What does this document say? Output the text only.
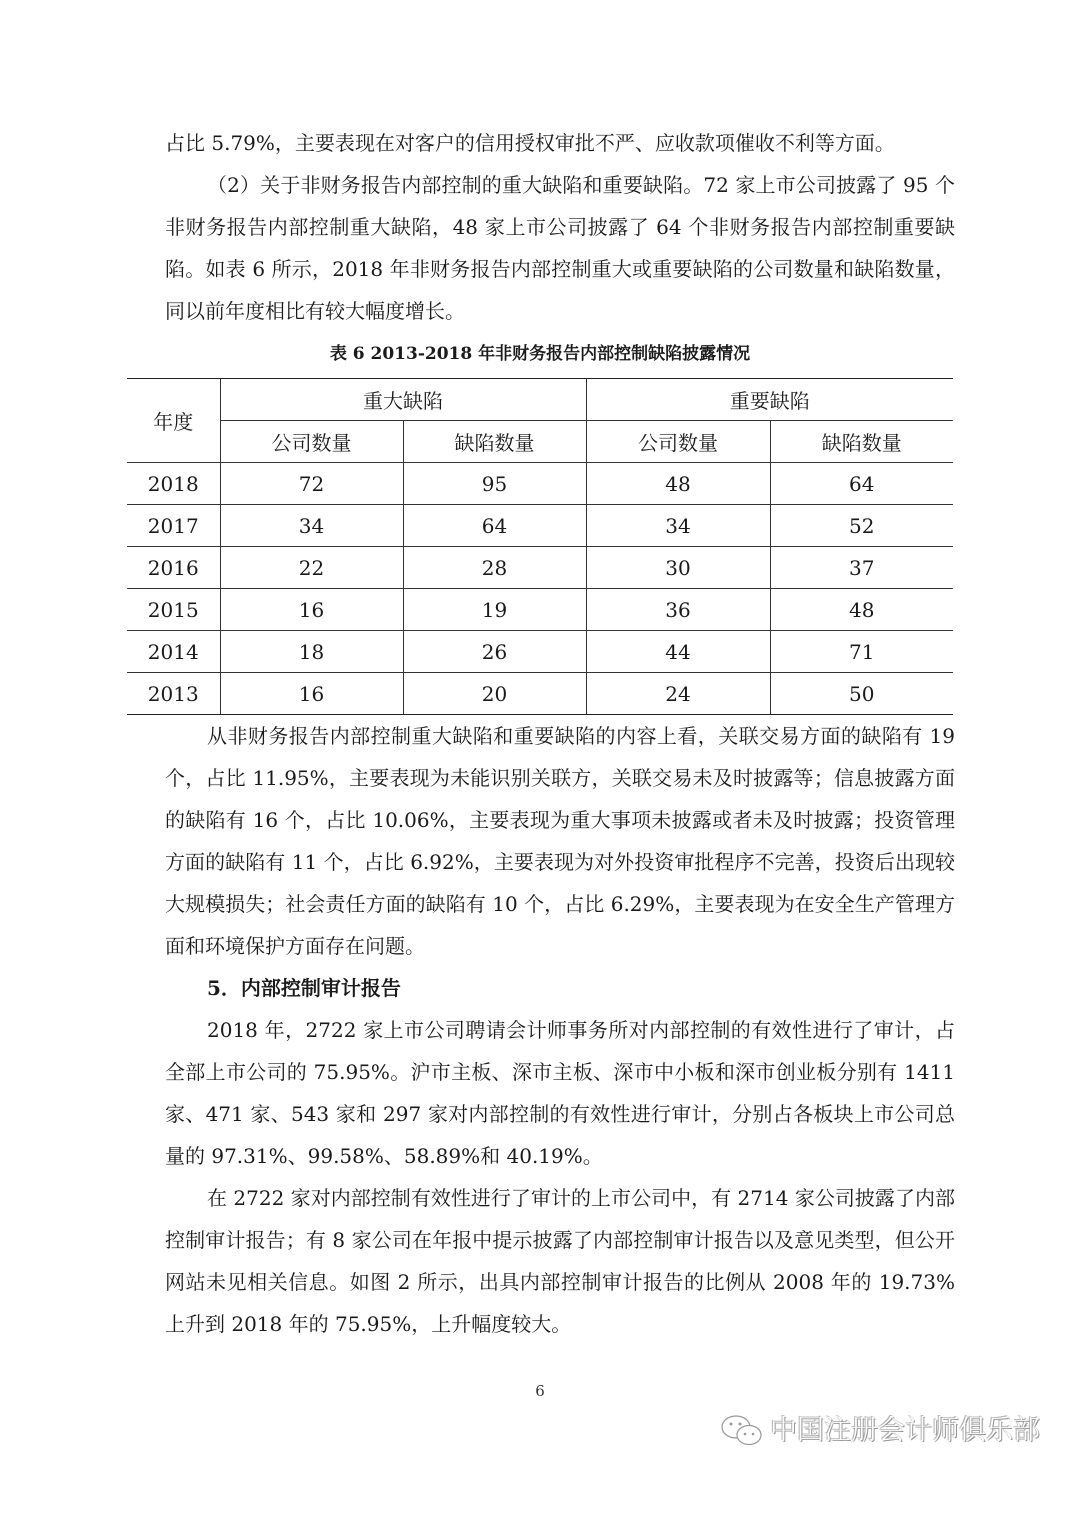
占比 5.79%，主要表现在对客户的信用授权审批不严、应收款项催收不利等方面。

（2）关于非财务报告内部控制的重大缺陷和重要缺陷。72 家上市公司披露了 95 个非财务报告内部控制重大缺陷，48 家上市公司披露了 64 个非财务报告内部控制重要缺陷。如表 6 所示，2018 年非财务报告内部控制重大或重要缺陷的公司数量和缺陷数量，同以前年度相比有较大幅度增长。

表 6 2013-2018 年非财务报告内部控制缺陷披露情况

年度	重大缺陷		重要缺陷	
	公司数量	缺陷数量	公司数量	缺陷数量
2018	72	95	48	64
2017	34	64	34	52
2016	22	28	30	37
2015	16	19	36	48
2014	18	26	44	71
2013	16	20	24	50

从非财务报告内部控制重大缺陷和重要缺陷的内容上看，关联交易方面的缺陷有 19 个，占比 11.95%，主要表现为未能识别关联方，关联交易未及时披露等；信息披露方面的缺陷有 16 个，占比 10.06%，主要表现为重大事项未披露或者未及时披露；投资管理方面的缺陷有 11 个，占比 6.92%，主要表现为对外投资审批程序不完善，投资后出现较大规模损失；社会责任方面的缺陷有 10 个，占比 6.29%，主要表现为在安全生产管理方面和环境保护方面存在问题。

5．内部控制审计报告

2018 年，2722 家上市公司聘请会计师事务所对内部控制的有效性进行了审计，占全部上市公司的 75.95%。沪市主板、深市主板、深市中小板和深市创业板分别有 1411 家、471 家、543 家和 297 家对内部控制的有效性进行审计，分别占各板块上市公司总量的 97.31%、99.58%、58.89%和 40.19%。

在 2722 家对内部控制有效性进行了审计的上市公司中，有 2714 家公司披露了内部控制审计报告；有 8 家公司在年报中提示披露了内部控制审计报告以及意见类型，但公开网站未见相关信息。如图 2 所示，出具内部控制审计报告的比例从 2008 年的 19.73%上升到 2018 年的 75.95%，上升幅度较大。

6
中国注册会计师俱乐部
